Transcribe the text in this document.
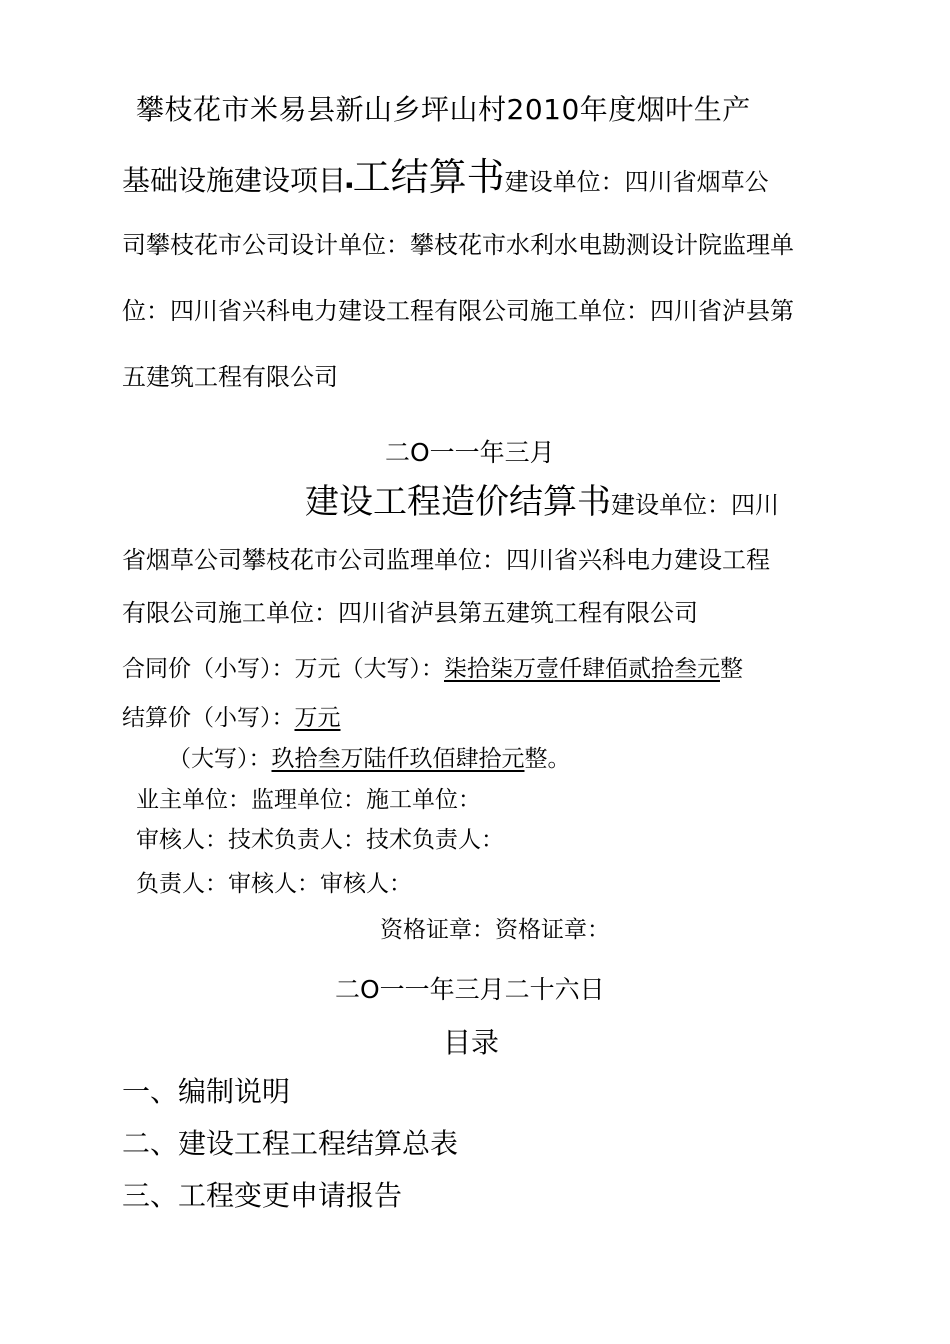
攀枝花市米易县新山乡坪山村2010年度烟叶生产
基础设施建设项目■工结算书建设单位：四川省烟草公
司攀枝花市公司设计单位：攀枝花市水利水电勘测设计院监理单
位：四川省兴科电力建设工程有限公司施工单位：四川省泸县第
五建筑工程有限公司
二O一一年三月
建设工程造价结算书建设单位：四川
省烟草公司攀枝花市公司监理单位：四川省兴科电力建设工程
有限公司施工单位：四川省泸县第五建筑工程有限公司
合同价（小写）：万元（大写）：柒拾柒万壹仟肆佰贰拾叁元整
结算价（小写）：万元
（大写）：玖拾叁万陆仟玖佰肆拾元整。
业主单位：监理单位：施工单位：
审核人：技术负责人：技术负责人：
负责人：审核人：审核人：
资格证章：资格证章：
二O一一年三月二十六日
目录
一、编制说明
二、建设工程工程结算总表
三、工程变更申请报告
